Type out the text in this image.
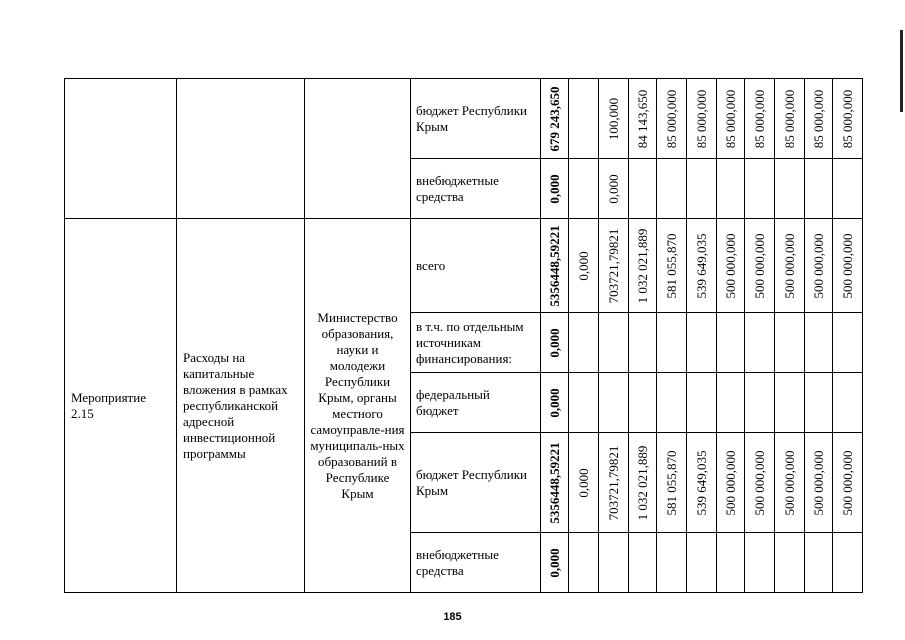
			бюджет Республики Крым	679 243,650		100,000	84 143,650	85 000,000	85 000,000	85 000,000	85 000,000	85 000,000	85 000,000	85 000,000

			внебюджетные средства	0,000		0,000								

Мероприятие 2.15	Расходы на капитальные вложения в рамках республиканской адресной инвестиционной программы	Министерство образования, науки и молодежи Республики Крым, органы местного самоуправле-ния муниципаль-ных образований в Республике Крым	всего	5356448,59221	0,000	703721,79821	1 032 021,889	581 055,870	539 649,035	500 000,000	500 000,000	500 000,000	500 000,000	500 000,000

			в т.ч. по отдельным источникам финансирования:	0,000										

			федеральный бюджет	0,000										

			бюджет Республики Крым	5356448,59221	0,000	703721,79821	1 032 021,889	581 055,870	539 649,035	500 000,000	500 000,000	500 000,000	500 000,000	500 000,000

			внебюджетные средства	0,000										

185
